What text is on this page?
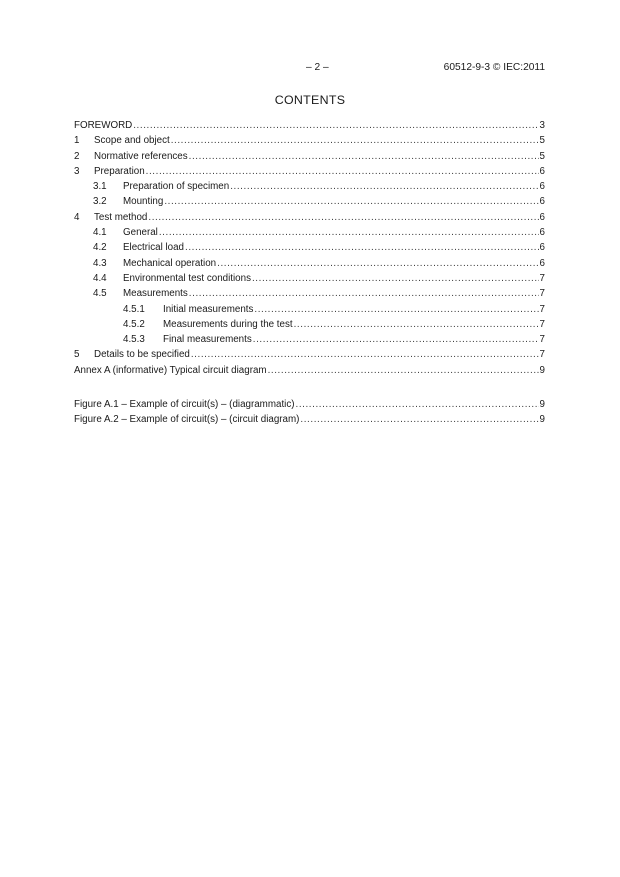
– 2 –	60512-9-3 © IEC:2011
CONTENTS
FOREWORD .....	3
1	Scope and object .....	5
2	Normative references .....	5
3	Preparation .....	6
3.1	Preparation of specimen .....	6
3.2	Mounting .....	6
4	Test method .....	6
4.1	General .....	6
4.2	Electrical load .....	6
4.3	Mechanical operation .....	6
4.4	Environmental test conditions .....	7
4.5	Measurements .....	7
4.5.1	Initial measurements .....	7
4.5.2	Measurements during the test .....	7
4.5.3	Final measurements .....	7
5	Details to be specified .....	7
Annex A (informative) Typical circuit diagram .....	9
Figure A.1 – Example of circuit(s) – (diagrammatic) .....	9
Figure A.2 – Example of circuit(s) – (circuit diagram) .....	9
